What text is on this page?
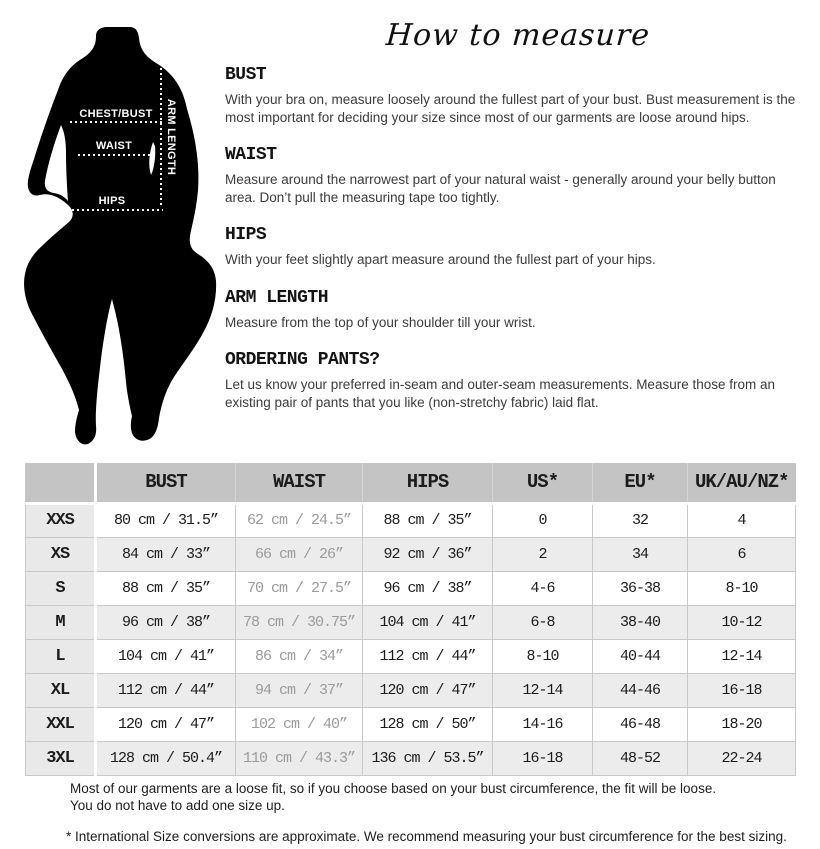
CHEST/BUST
WAIST
HIPS
ARM LENGTH
How to measure
BUST

With your bra on, measure loosely around the fullest part of your bust. Bust measurement is the most important for deciding your size since most of our garments are loose around hips.

WAIST

Measure around the narrowest part of your natural waist - generally around your belly button area. Don’t pull the measuring tape too tightly.

HIPS

With your feet slightly apart measure around the fullest part of your hips.

ARM LENGTH

Measure from the top of your shoulder till your wrist.

ORDERING PANTS?

Let us know your preferred in-seam and outer-seam measurements. Measure those from an existing pair of pants that you like (non-stretchy fabric) laid flat.

	BUST	WAIST	HIPS	US*	EU*	UK/AU/NZ*
XXS	80 cm / 31.5”	62 cm / 24.5”	88 cm / 35”	0	32	4
XS	84 cm / 33”	66 cm / 26”	92 cm / 36”	2	34	6
S	88 cm / 35”	70 cm / 27.5”	96 cm / 38”	4-6	36-38	8-10
M	96 cm / 38”	78 cm / 30.75”	104 cm / 41”	6-8	38-40	10-12
L	104 cm / 41”	86 cm / 34”	112 cm / 44”	8-10	40-44	12-14
XL	112 cm / 44”	94 cm / 37”	120 cm / 47”	12-14	44-46	16-18
XXL	120 cm / 47”	102 cm / 40”	128 cm / 50”	14-16	46-48	18-20
3XL	128 cm / 50.4”	110 cm / 43.3”	136 cm / 53.5”	16-18	48-52	22-24
Most of our garments are a loose fit, so if you choose based on your bust circumference, the fit will be loose.
You do not have to add one size up.
* International Size conversions are approximate. We recommend measuring your bust circumference for the best sizing.
